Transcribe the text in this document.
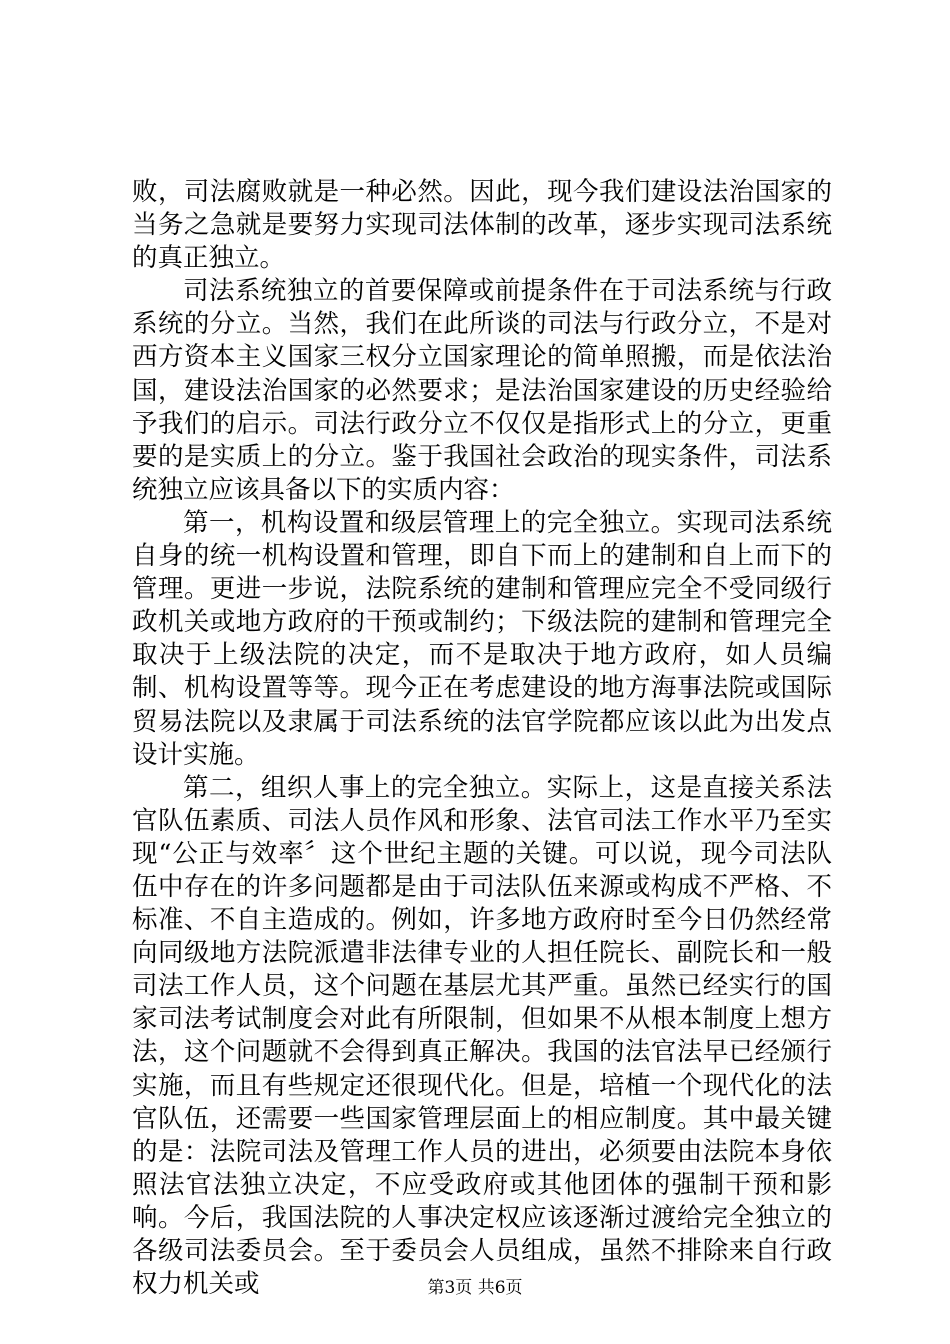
败，司法腐败就是一种必然。因此，现今我们建设法治国家的当务之急就是要努力实现司法体制的改革，逐步实现司法系统的真正独立。

司法系统独立的首要保障或前提条件在于司法系统与行政系统的分立。当然，我们在此所谈的司法与行政分立，不是对西方资本主义国家三权分立国家理论的简单照搬，而是依法治国，建设法治国家的必然要求；是法治国家建设的历史经验给予我们的启示。司法行政分立不仅仅是指形式上的分立，更重要的是实质上的分立。鉴于我国社会政治的现实条件，司法系统独立应该具备以下的实质内容：

第一，机构设置和级层管理上的完全独立。实现司法系统自身的统一机构设置和管理，即自下而上的建制和自上而下的管理。更进一步说，法院系统的建制和管理应完全不受同级行政机关或地方政府的干预或制约；下级法院的建制和管理完全取决于上级法院的决定，而不是取决于地方政府，如人员编制、机构设置等等。现今正在考虑建设的地方海事法院或国际贸易法院以及隶属于司法系统的法官学院都应该以此为出发点设计实施。

第二，组织人事上的完全独立。实际上，这是直接关系法官队伍素质、司法人员作风和形象、法官司法工作水平乃至实现“公正与效率〞这个世纪主题的关键。可以说，现今司法队伍中存在的许多问题都是由于司法队伍来源或构成不严格、不标准、不自主造成的。例如，许多地方政府时至今日仍然经常向同级地方法院派遣非法律专业的人担任院长、副院长和一般司法工作人员，这个问题在基层尤其严重。虽然已经实行的国家司法考试制度会对此有所限制，但如果不从根本制度上想方法，这个问题就不会得到真正解决。我国的法官法早已经颁行实施，而且有些规定还很现代化。但是，培植一个现代化的法官队伍，还需要一些国家管理层面上的相应制度。其中最关键的是：法院司法及管理工作人员的进出，必须要由法院本身依照法官法独立决定，不应受政府或其他团体的强制干预和影响。今后，我国法院的人事决定权应该逐渐过渡给完全独立的各级司法委员会。至于委员会人员组成，虽然不排除来自行政权力机关或	第3页 共6页
